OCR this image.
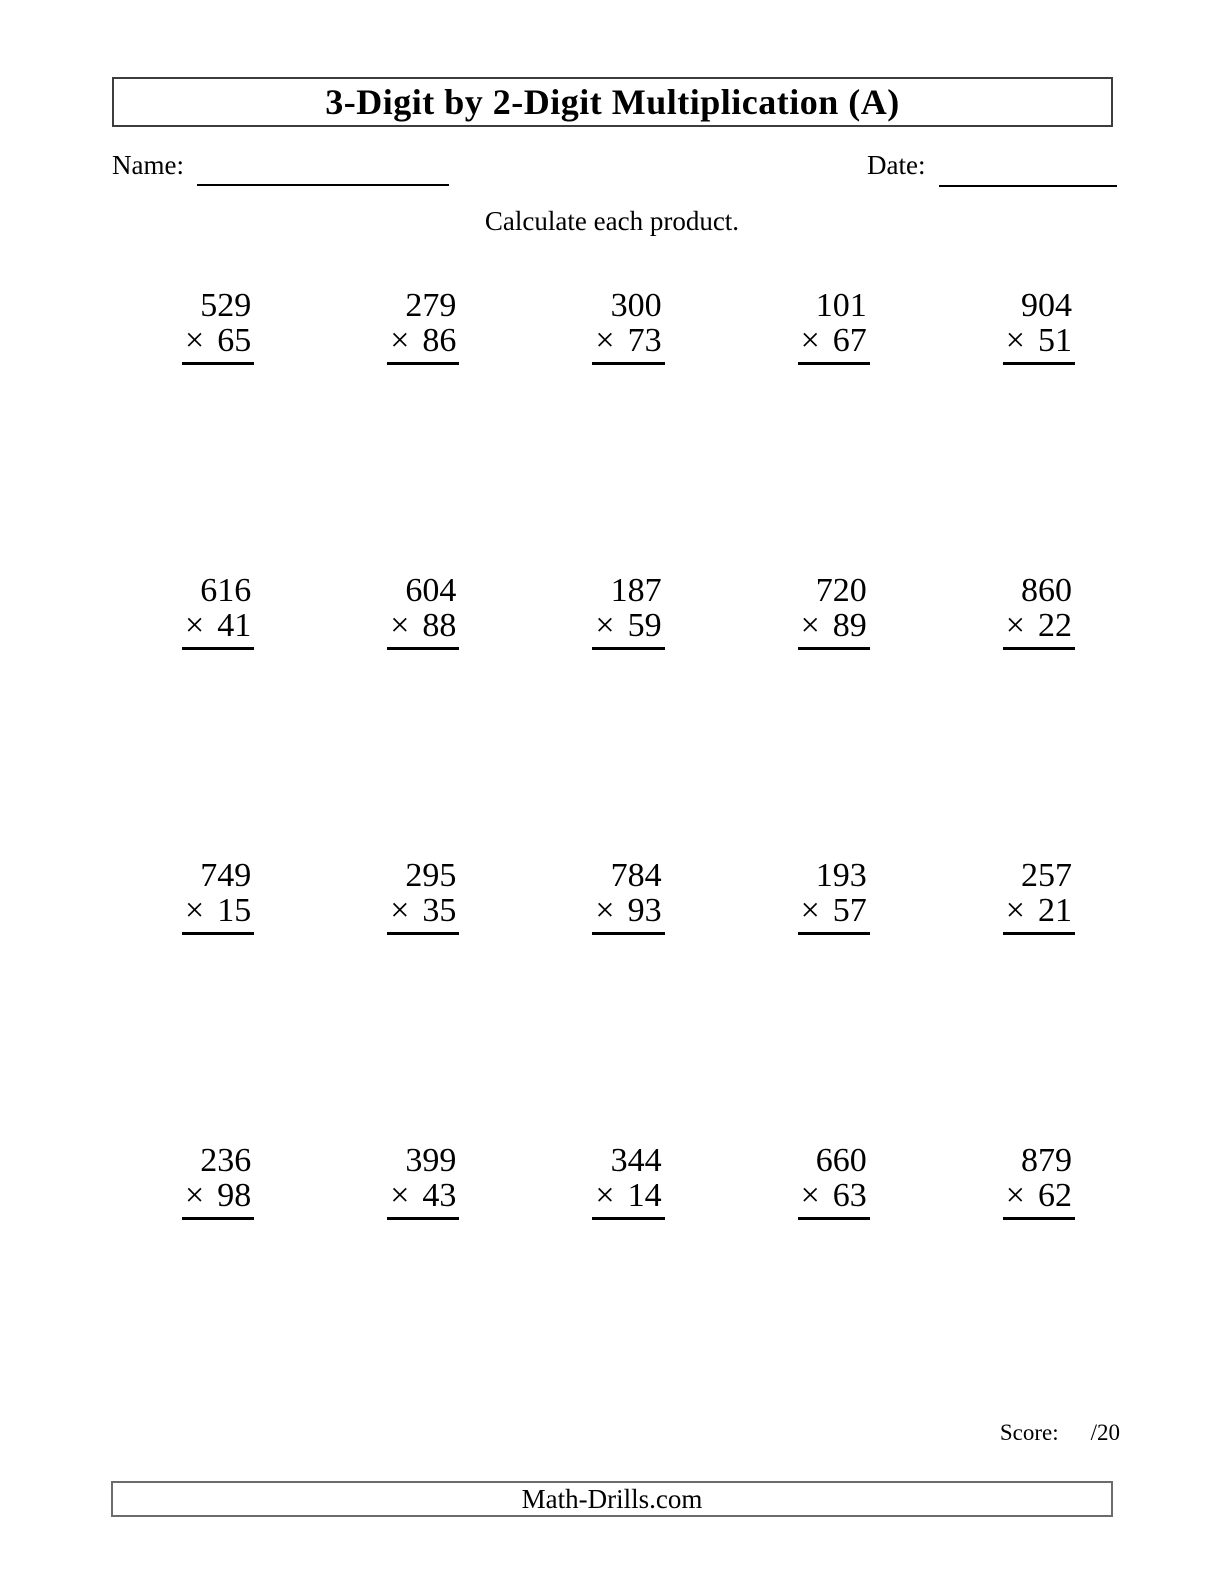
3-Digit by 2-Digit Multiplication (A)
Name:	Date:
Calculate each product.
529
× 65
279
× 86
300
× 73
101
× 67
904
× 51
616
× 41
604
× 88
187
× 59
720
× 89
860
× 22
749
× 15
295
× 35
784
× 93
193
× 57
257
× 21
236
× 98
399
× 43
344
× 14
660
× 63
879
× 62
Score: /20
Math-Drills.com
